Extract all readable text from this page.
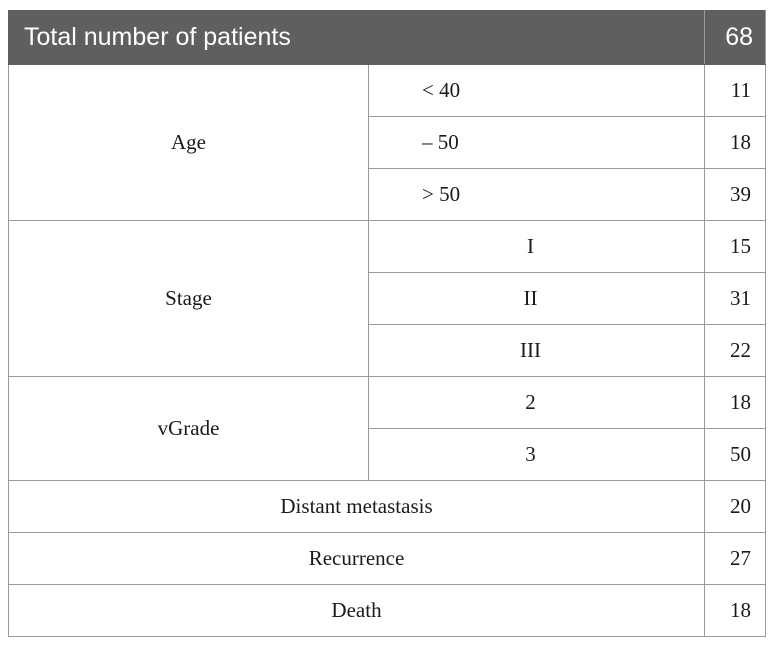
Total number of patients		68
Age	< 40	11
	– 50	18
	> 50	39
Stage	I	15
	II	31
	III	22
vGrade	2	18
	3	50
Distant metastasis		20
Recurrence		27
Death		18
